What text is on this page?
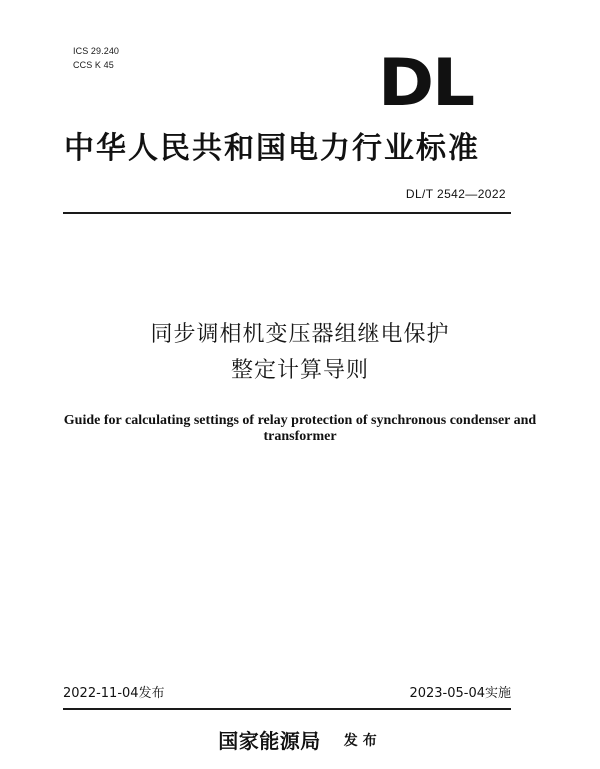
ICS 29.240
CCS K 45	DL
中华人民共和国电力行业标准
DL/T 2542—2022
同步调相机变压器组继电保护
整定计算导则
Guide for calculating settings of relay protection of synchronous condenser and
transformer
2022-11-04发布	2023-05-04实施
国家能源局 发布
